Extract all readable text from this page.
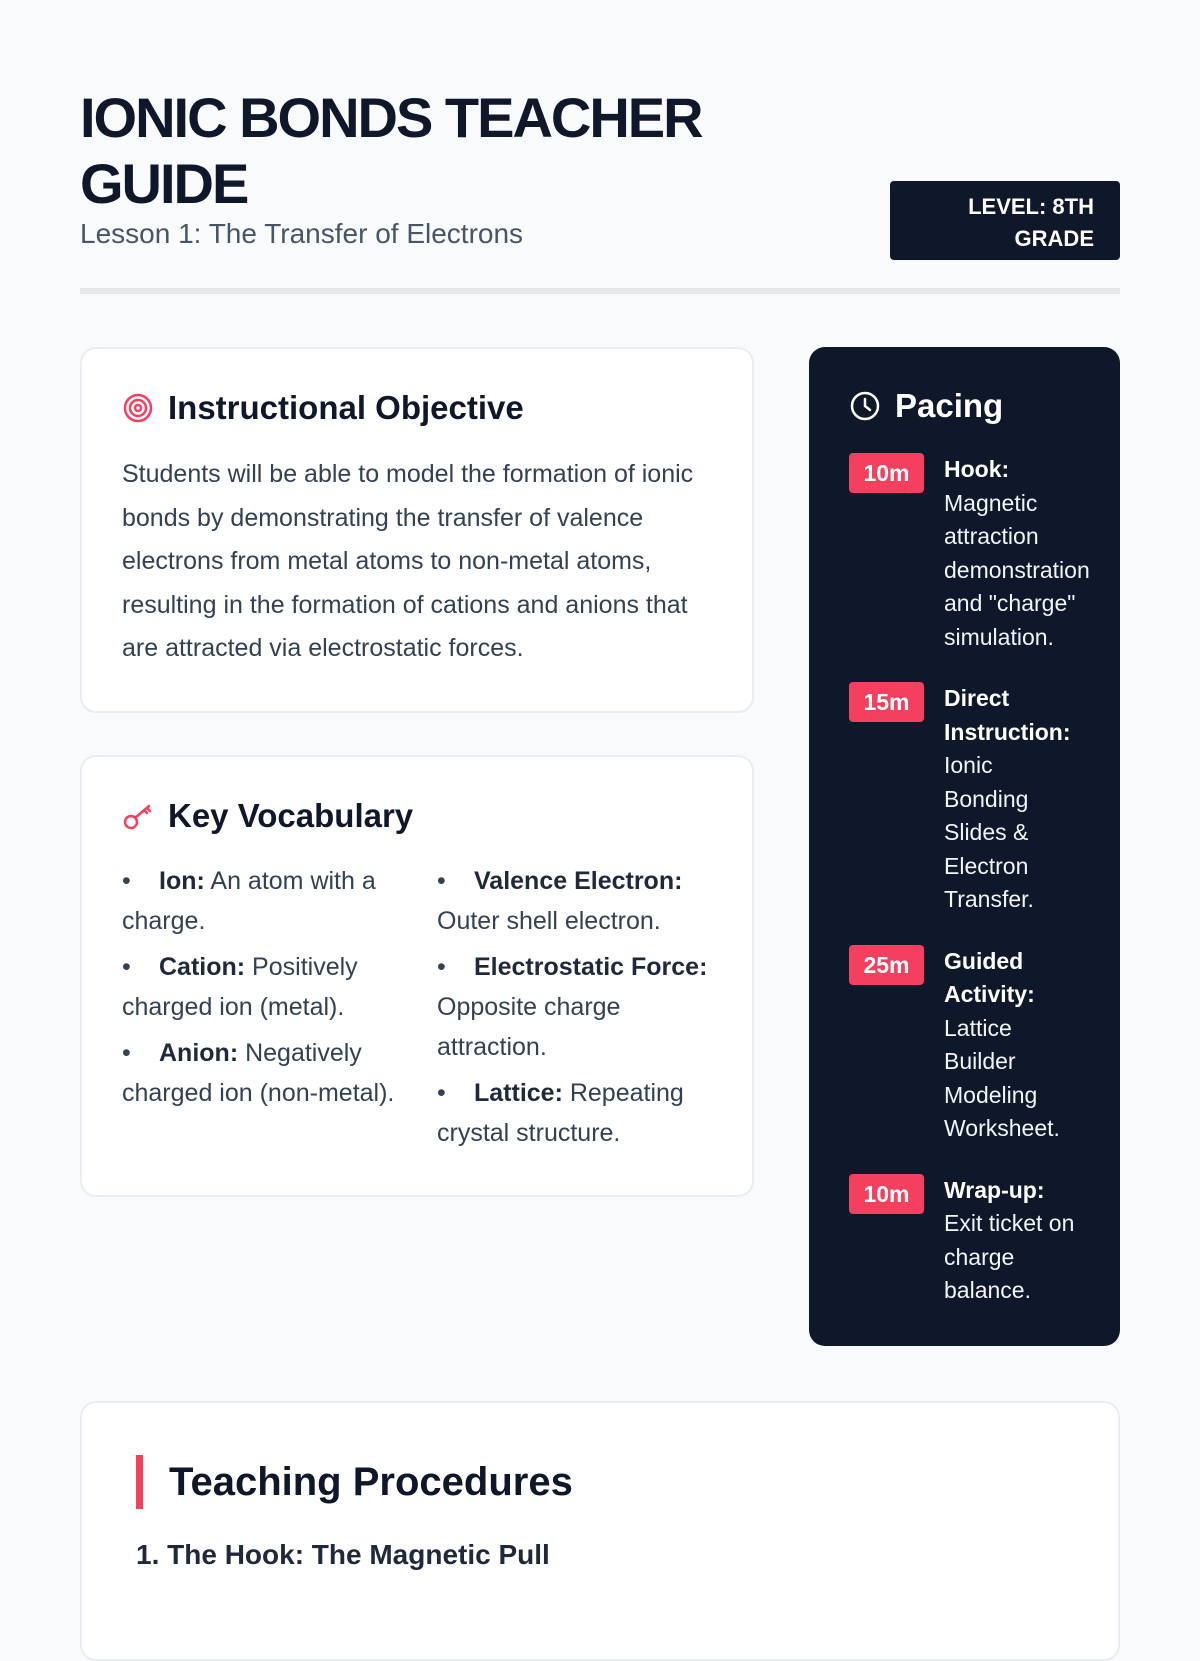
IONIC BONDS TEACHER GUIDE
Lesson 1: The Transfer of Electrons
LEVEL: 8TH GRADE
Instructional Objective

Students will be able to model the formation of ionic bonds by demonstrating the transfer of valence electrons from metal atoms to non-metal atoms, resulting in the formation of cations and anions that are attracted via electrostatic forces.

Key Vocabulary
• Ion: An atom with a charge.
• Cation: Positively charged ion (metal).
• Anion: Negatively charged ion (non-metal).
• Valence Electron: Outer shell electron.
• Electrostatic Force: Opposite charge attraction.
• Lattice: Repeating crystal structure.
Pacing
10m	Hook: Magnetic attraction demonstration and "charge" simulation.
15m	Direct Instruction: Ionic Bonding Slides & Electron Transfer.
25m	Guided Activity: Lattice Builder Modeling Worksheet.
10m	Wrap-up: Exit ticket on charge balance.
Teaching Procedures
1. The Hook: The Magnetic Pull
